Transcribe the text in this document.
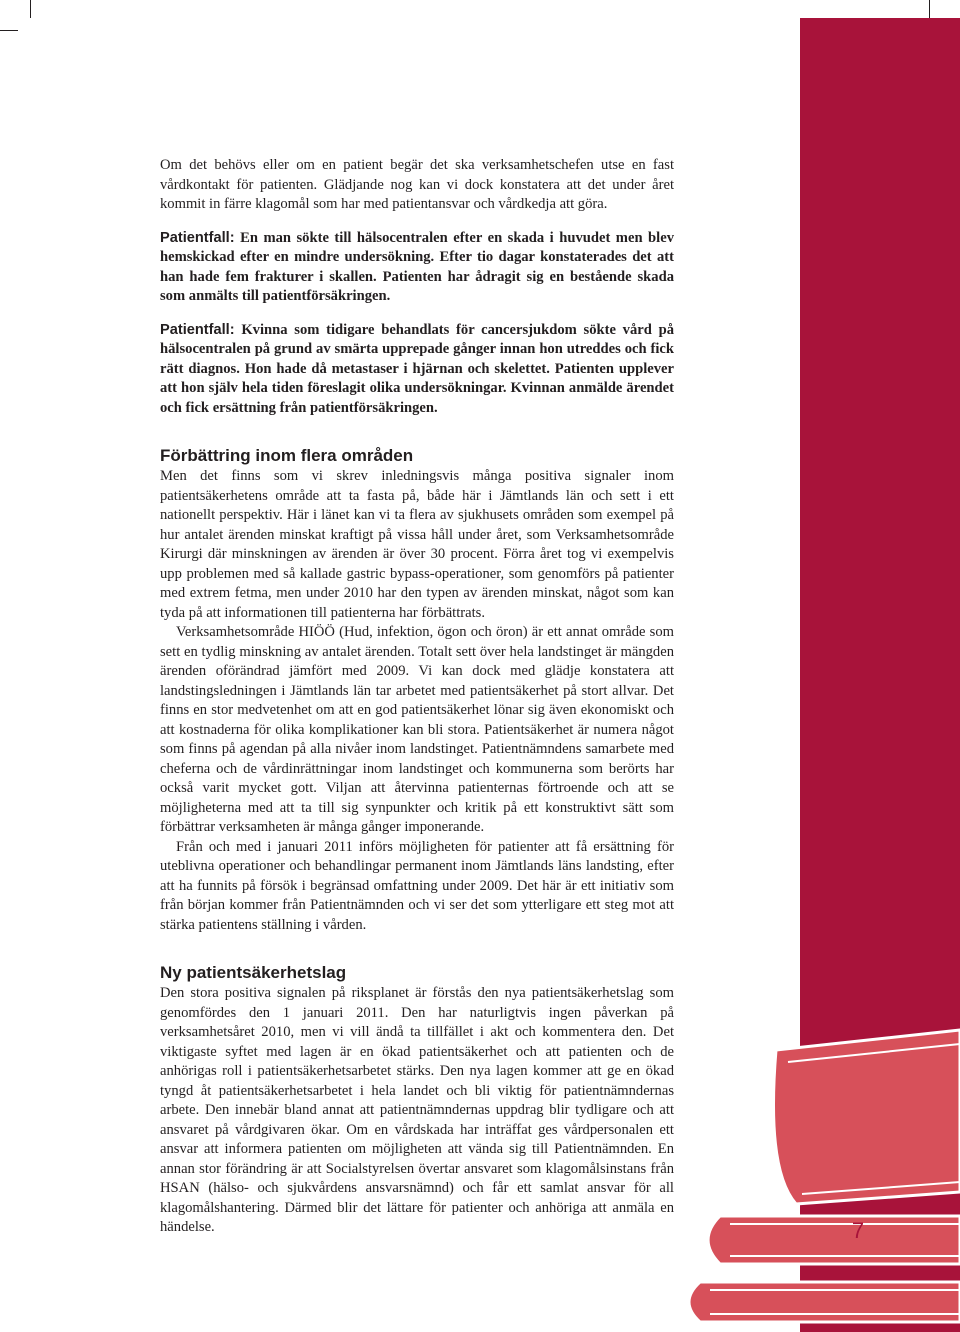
7

Om det behövs eller om en patient begär det ska verksamhetschefen utse en fast vårdkontakt för patienten. Glädjande nog kan vi dock konstatera att det under året kommit in färre klagomål som har med patientansvar och vårdkedja att göra.

Patientfall: En man sökte till hälsocentralen efter en skada i huvudet men blev hemskickad efter en mindre undersökning. Efter tio dagar konstaterades det att han hade fem frakturer i skallen. Patienten har ådragit sig en bestående skada som anmälts till patientförsäkringen.

Patientfall: Kvinna som tidigare behandlats för cancersjukdom sökte vård på hälsocentralen på grund av smärta upprepade gånger innan hon utreddes och fick rätt diagnos. Hon hade då metastaser i hjärnan och skelettet. Patienten upplever att hon själv hela tiden föreslagit olika undersökningar. Kvinnan anmälde ärendet och fick ersättning från patientförsäkringen.

Förbättring inom flera områden

Men det finns som vi skrev inledningsvis många positiva signaler inom patientsäkerhetens område att ta fasta på, både här i Jämtlands län och sett i ett nationellt perspektiv. Här i länet kan vi ta flera av sjukhusets områden som exempel på hur antalet ärenden minskat kraftigt på vissa håll under året, som Verksamhetsområde Kirurgi där minskningen av ärenden är över 30 procent. Förra året tog vi exempelvis upp problemen med så kallade gastric bypass-operationer, som genomförs på patienter med extrem fetma, men under 2010 har den typen av ärenden minskat, något som kan tyda på att informationen till patienterna har förbättrats.

Verksamhetsområde HIÖÖ (Hud, infektion, ögon och öron) är ett annat område som sett en tydlig minskning av antalet ärenden. Totalt sett över hela landstinget är mängden ärenden oförändrad jämfört med 2009. Vi kan dock med glädje konstatera att landstingsledningen i Jämtlands län tar arbetet med patientsäkerhet på stort allvar. Det finns en stor medvetenhet om att en god patientsäkerhet lönar sig även ekonomiskt och att kostnaderna för olika komplikationer kan bli stora. Patientsäkerhet är numera något som finns på agendan på alla nivåer inom landstinget. Patientnämndens samarbete med cheferna och de vårdinrättningar inom landstinget och kommunerna som berörts har också varit mycket gott. Viljan att återvinna patienternas förtroende och att se möjligheterna med att ta till sig synpunkter och kritik på ett konstruktivt sätt som förbättrar verksamheten är många gånger imponerande.

Från och med i januari 2011 införs möjligheten för patienter att få ersättning för uteblivna operationer och behandlingar permanent inom Jämtlands läns landsting, efter att ha funnits på försök i begränsad omfattning under 2009. Det här är ett initiativ som från början kommer från Patientnämnden och vi ser det som ytterligare ett steg mot att stärka patientens ställning i vården.

Ny patientsäkerhetslag

Den stora positiva signalen på riksplanet är förstås den nya patientsäkerhetslag som genomfördes den 1 januari 2011. Den har naturligtvis ingen påverkan på verksamhetsåret 2010, men vi vill ändå ta tillfället i akt och kommentera den. Det viktigaste syftet med lagen är en ökad patientsäkerhet och att patienten och de anhörigas roll i patientsäkerhetsarbetet stärks. Den nya lagen kommer att ge en ökad tyngd åt patientsäkerhetsarbetet i hela landet och bli viktig för patientnämndernas arbete. Den innebär bland annat att patientnämndernas uppdrag blir tydligare och att ansvaret på vårdgivaren ökar. Om en vårdskada har inträffat ges vårdpersonalen ett ansvar att informera patienten om möjligheten att vända sig till Patientnämnden. En annan stor förändring är att Socialstyrelsen övertar ansvaret som klagomålsinstans från HSAN (hälso- och sjukvårdens ansvarsnämnd) och får ett samlat ansvar för all klagomålshantering. Därmed blir det lättare för patienter och anhöriga att anmäla en händelse.
